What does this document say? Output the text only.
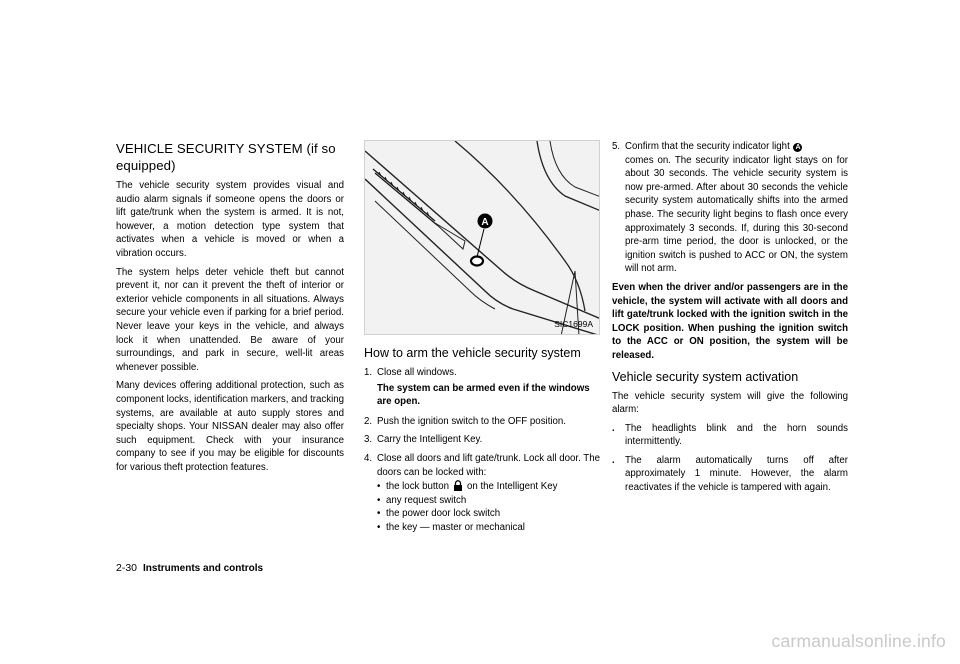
VEHICLE SECURITY SYSTEM (if so equipped)

The vehicle security system provides visual and audio alarm signals if someone opens the doors or lift gate/trunk when the system is armed. It is not, however, a motion detection type system that activates when a vehicle is moved or when a vibration occurs.

The system helps deter vehicle theft but cannot prevent it, nor can it prevent the theft of interior or exterior vehicle components in all situations. Always secure your vehicle even if parking for a brief period. Never leave your keys in the vehicle, and always lock it when unattended. Be aware of your surroundings, and park in secure, well-lit areas whenever possible.

Many devices offering additional protection, such as component locks, identification markers, and tracking systems, are available at auto supply stores and specialty shops. Your NISSAN dealer may also offer such equipment. Check with your insurance company to see if you may be eligible for discounts for various theft protection features.

A
SIC1699A
How to arm the vehicle security system
1. Close all windows.
The system can be armed even if the windows are open.
2. Push the ignition switch to the OFF position.
3. Carry the Intelligent Key.
4. Close all doors and lift gate/trunk. Lock all door. The doors can be locked with:
• the lock button on the Intelligent Key
• any request switch
• the power door lock switch
• the key — master or mechanical
5. Confirm that the security indicator light A
comes on. The security indicator light stays on for about 30 seconds. The vehicle security system is now pre-armed. After about 30 seconds the vehicle security system automatically shifts into the armed phase. The security light begins to flash once every approximately 3 seconds. If, during this 30-second pre-arm time period, the door is unlocked, or the ignition switch is pushed to ACC or ON, the system will not arm.

Even when the driver and/or passengers are in the vehicle, the system will activate with all doors and lift gate/trunk locked with the ignition switch in the LOCK position. When pushing the ignition switch to the ACC or ON position, the system will be released.

Vehicle security system activation

The vehicle security system will give the following alarm:

.	The headlights blink and the horn sounds intermittently.
.	The alarm automatically turns off after approximately 1 minute. However, the alarm reactivates if the vehicle is tampered with again.
2-30 Instruments and controls
carmanualsonline.info
